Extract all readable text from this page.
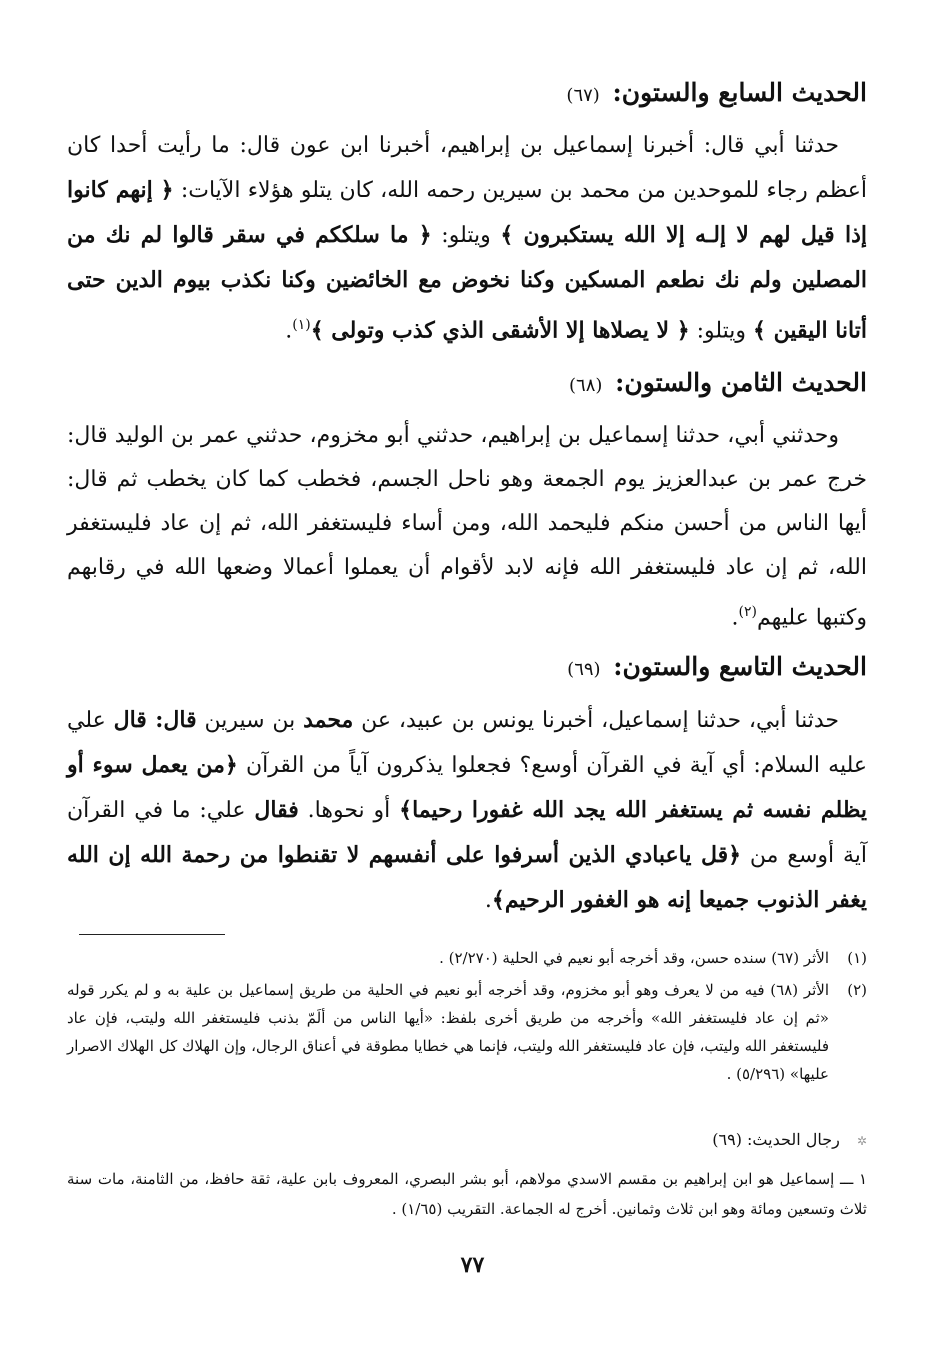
الحديث السابع والستون: (٦٧)
حدثنا أبي قال: أخبرنا إسماعيل بن إبراهيم، أخبرنا ابن عون قال: ما رأيت أحدا كان أعظم رجاء للموحدين من محمد بن سيرين رحمه الله، كان يتلو هؤلاء الآيات: ﴿ إنهم كانوا إذا قيل لهم لا إلـه إلا الله يستكبرون ﴾ ويتلو: ﴿ ما سلككم في سقر قالوا لم نك من المصلين ولم نك نطعم المسكين وكنا نخوض مع الخائضين وكنا نكذب بيوم الدين حتى أتانا اليقين ﴾ ويتلو: ﴿ لا يصلاها إلا الأشقى الذي كذب وتولى ﴾$^{(١)}$.
الحديث الثامن والستون: (٦٨)
وحدثني أبي، حدثنا إسماعيل بن إبراهيم، حدثني أبو مخزوم، حدثني عمر بن الوليد قال: خرج عمر بن عبدالعزيز يوم الجمعة وهو ناحل الجسم، فخطب كما كان يخطب ثم قال: أيها الناس من أحسن منكم فليحمد الله، ومن أساء فليستغفر الله، ثم إن عاد فليستغفر الله، ثم إن عاد فليستغفر الله فإنه لابد لأقوام أن يعملوا أعمالا وضعها الله في رقابهم وكتبها عليهم$^{(٢)}$.
الحديث التاسع والستون: (٦٩)
حدثنا أبي، حدثنا إسماعيل، أخبرنا يونس بن عبيد، عن محمد بن سيرين قال: قال علي عليه السلام: أي آية في القرآن أوسع؟ فجعلوا يذكرون آياً من القرآن ﴿من يعمل سوء أو يظلم نفسه ثم يستغفر الله يجد الله غفورا رحيما﴾ أو نحوها. فقال علي: ما في القرآن آية أوسع من ﴿قل ياعبادي الذين أسرفوا على أنفسهم لا تقنطوا من رحمة الله إن الله يغفر الذنوب جميعا إنه هو الغفور الرحيم﴾.
(١)
الأثر (٦٧) سنده حسن، وقد أخرجه أبو نعيم في الحلية (٢/٢٧٠) .
(٢)
الأثر (٦٨) فيه من لا يعرف وهو أبو مخزوم، وقد أخرجه أبو نعيم في الحلية من طريق إسماعيل بن علية به و لم يكرر قوله «ثم إن عاد فليستغفر الله» وأخرجه من طريق أخرى بلفظ: «أيها الناس من ألَمّ بذنب فليستغفر الله وليتب، فإن عاد فليستغفر الله وليتب، فإن عاد فليستغفر الله وليتب، فإنما هي خطايا مطوقة في أعناق الرجال، وإن الهلاك كل الهلاك الاصرار عليها» (٥/٢٩٦) .
✲ رجال الحديث: (٦٩)
١ ـــ إسماعيل هو ابن إبراهيم بن مقسم الاسدي مولاهم، أبو بشر البصري، المعروف بابن علية، ثقة حافظ، من الثامنة، مات سنة ثلاث وتسعين ومائة وهو ابن ثلاث وثمانين. أخرج له الجماعة. التقريب (١/٦٥) .
٧٧
